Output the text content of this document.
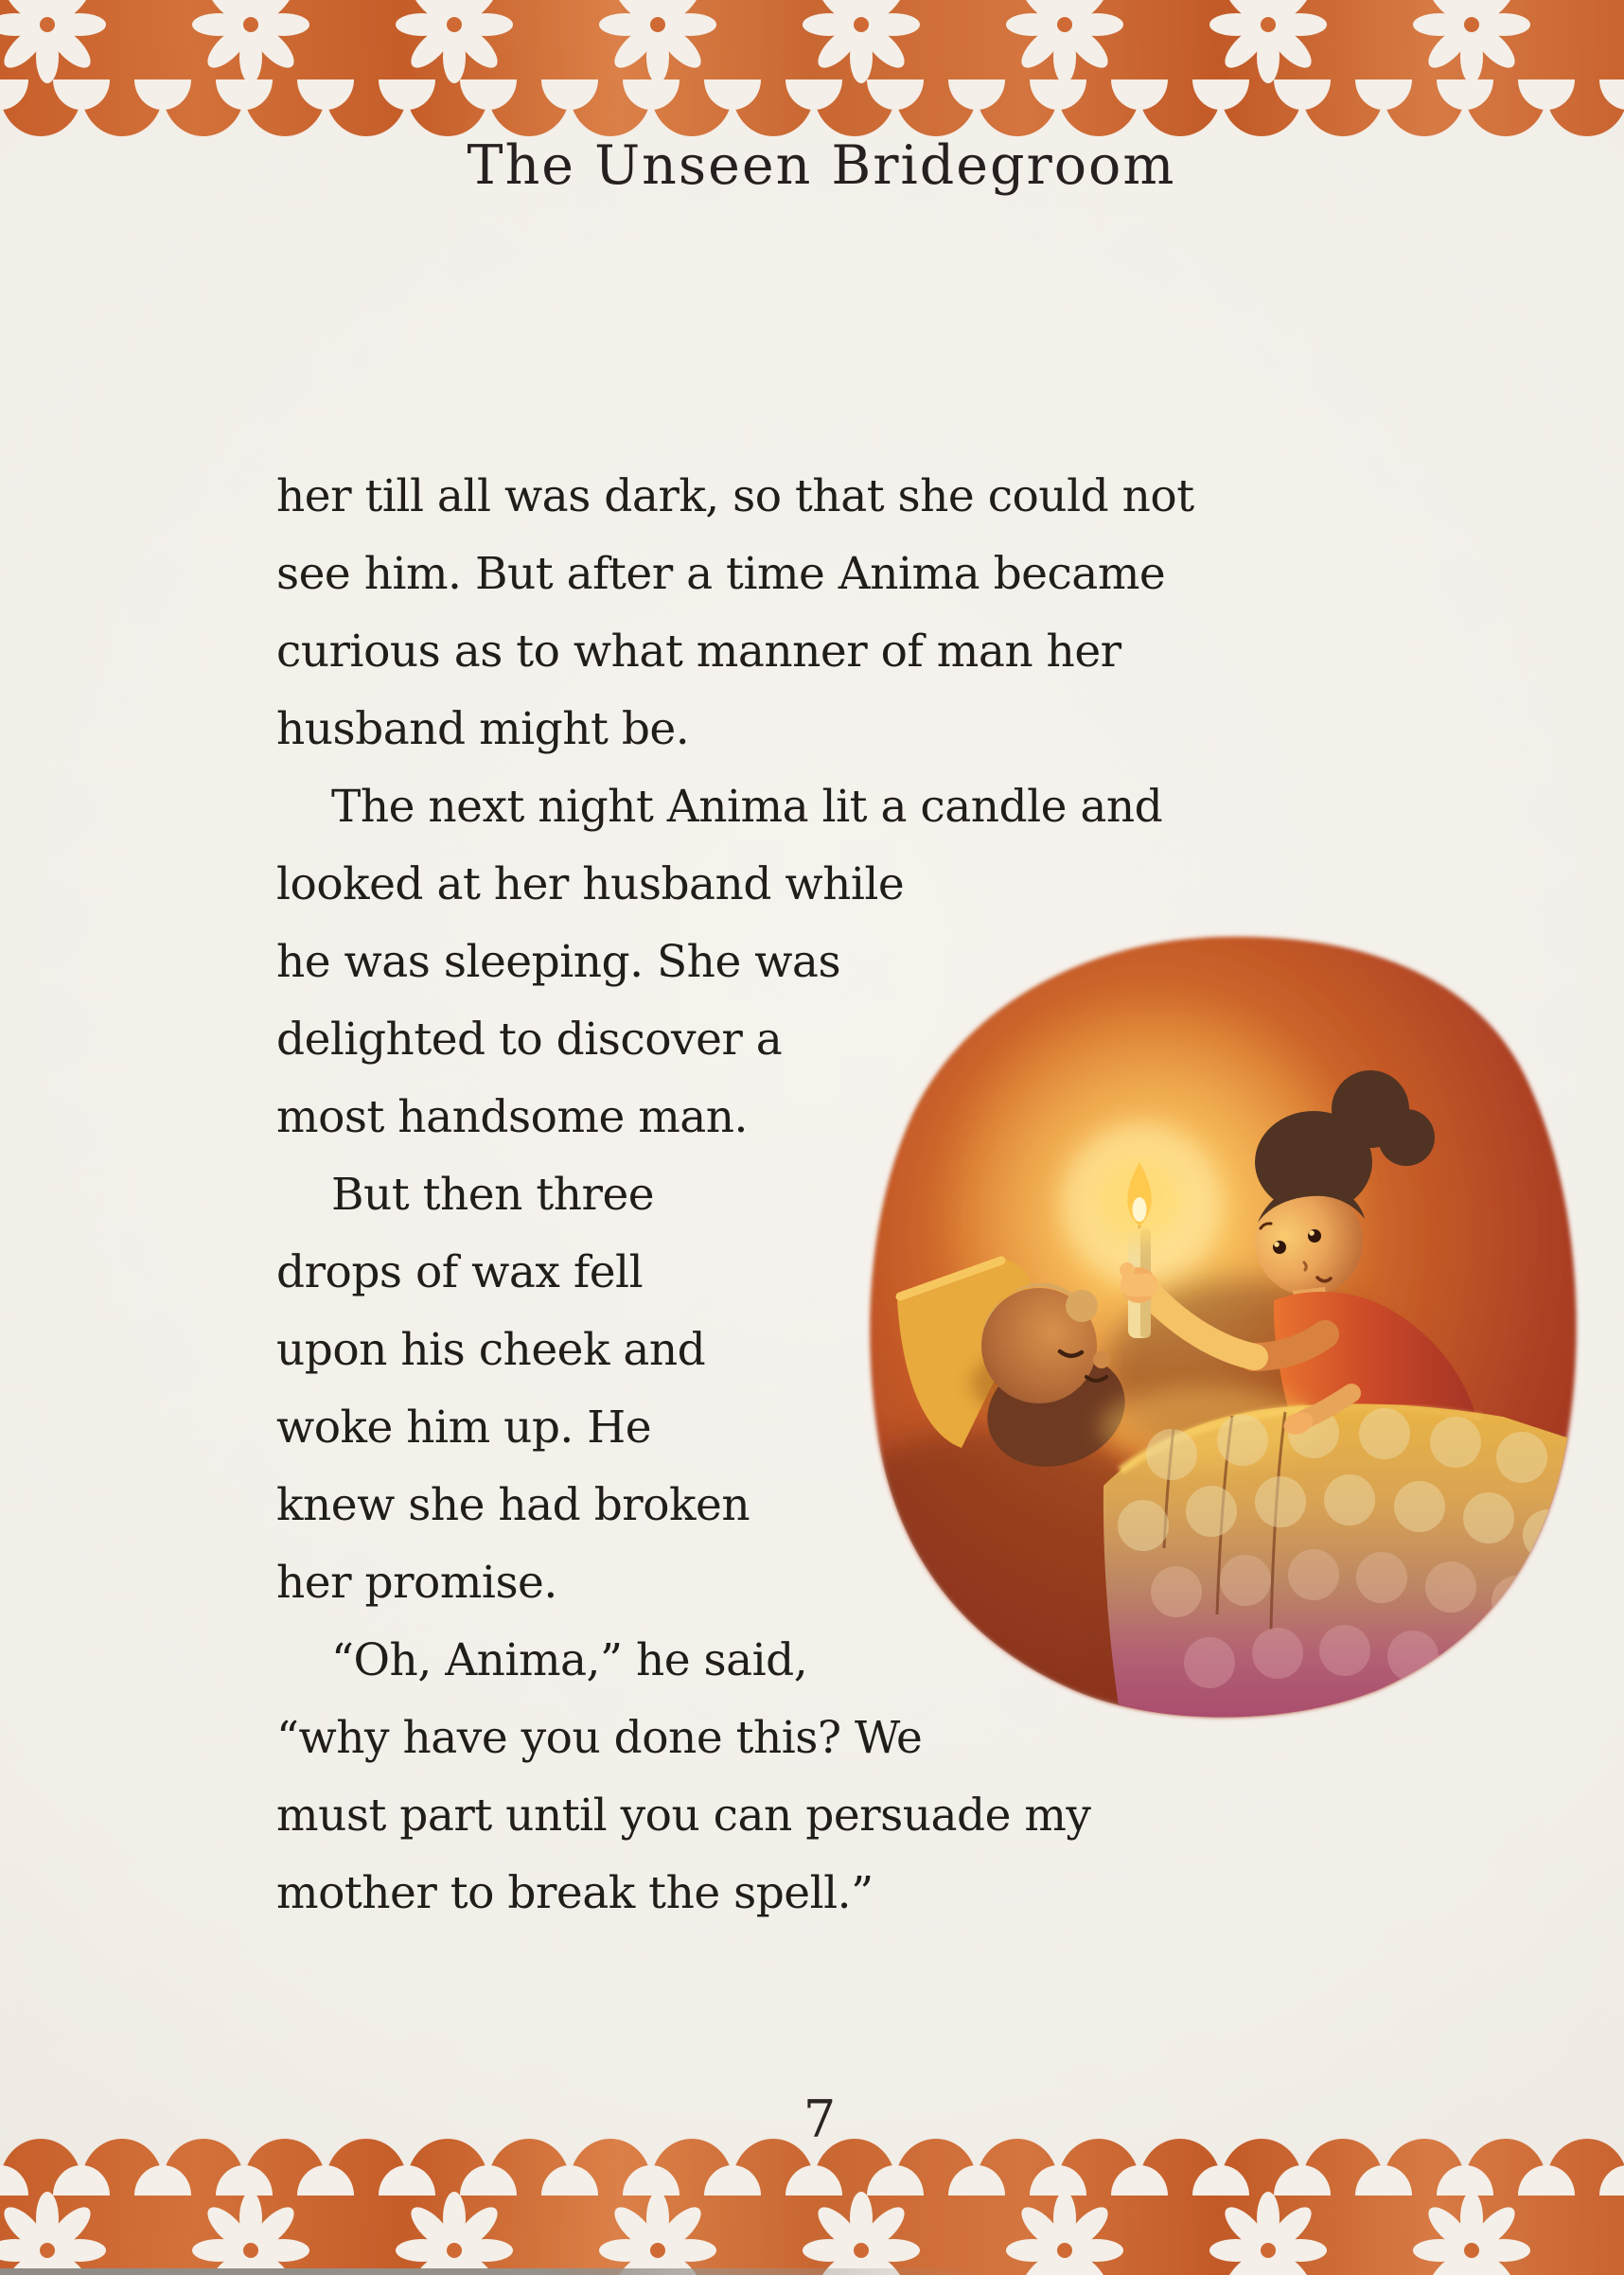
The Unseen Bridegroom
her till all was dark, so that she could not
see him. But after a time Anima became
curious as to what manner of man her
husband might be.
The next night Anima lit a candle and
looked at her husband while
he was sleeping. She was
delighted to discover a
most handsome man.
But then three
drops of wax fell
upon his cheek and
woke him up. He
knew she had broken
her promise.
“Oh, Anima,” he said,
“why have you done this? We
must part until you can persuade my
mother to break the spell.”
7
